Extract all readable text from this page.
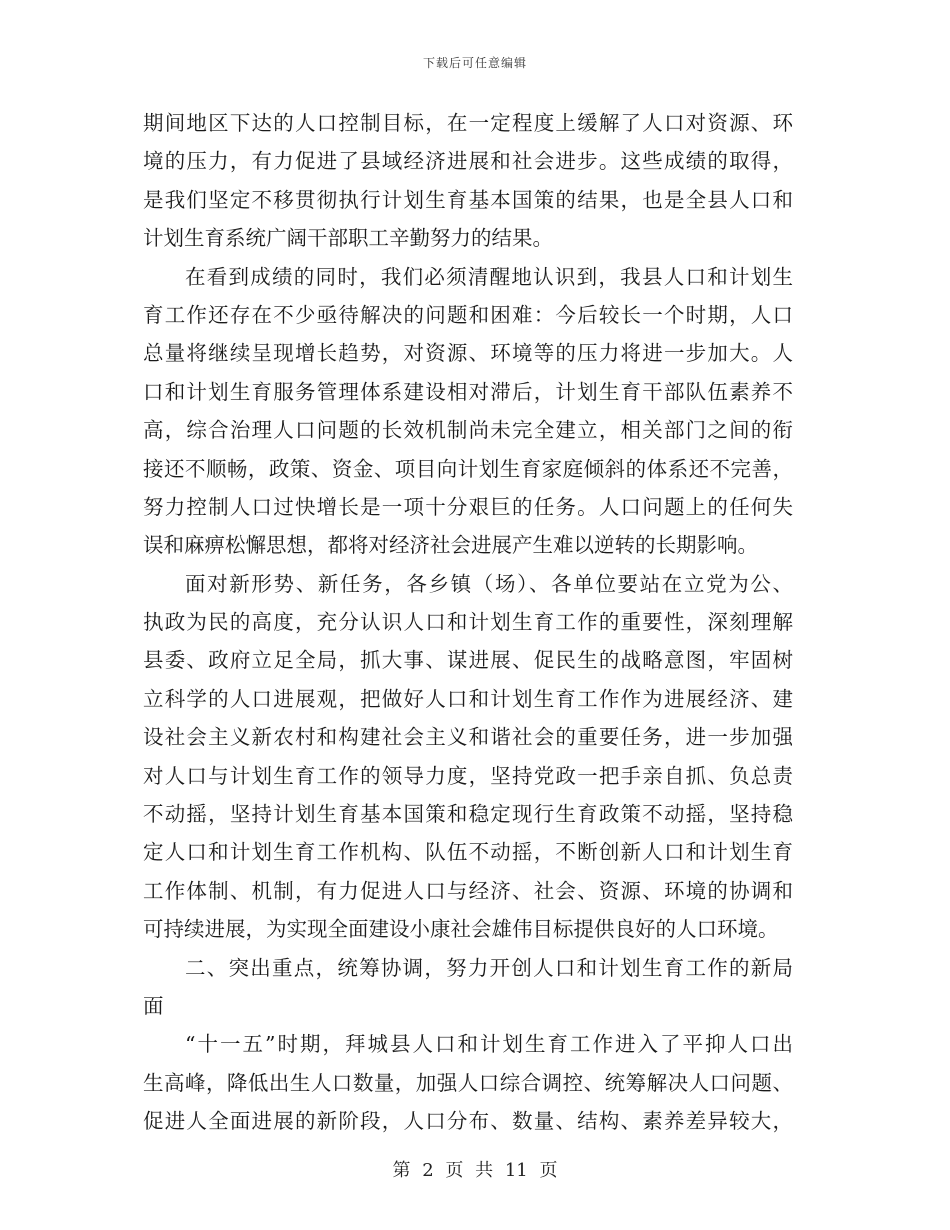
下载后可任意编辑
期间地区下达的人口控制目标，在一定程度上缓解了人口对资源、环
境的压力，有力促进了县域经济进展和社会进步。这些成绩的取得，
是我们坚定不移贯彻执行计划生育基本国策的结果，也是全县人口和
计划生育系统广阔干部职工辛勤努力的结果。
在看到成绩的同时，我们必须清醒地认识到，我县人口和计划生
育工作还存在不少亟待解决的问题和困难：今后较长一个时期，人口
总量将继续呈现增长趋势，对资源、环境等的压力将进一步加大。人
口和计划生育服务管理体系建设相对滞后，计划生育干部队伍素养不
高，综合治理人口问题的长效机制尚未完全建立，相关部门之间的衔
接还不顺畅，政策、资金、项目向计划生育家庭倾斜的体系还不完善，
努力控制人口过快增长是一项十分艰巨的任务。人口问题上的任何失
误和麻痹松懈思想，都将对经济社会进展产生难以逆转的长期影响。
面对新形势、新任务，各乡镇（场）、各单位要站在立党为公、
执政为民的高度，充分认识人口和计划生育工作的重要性，深刻理解
县委、政府立足全局，抓大事、谋进展、促民生的战略意图，牢固树
立科学的人口进展观，把做好人口和计划生育工作作为进展经济、建
设社会主义新农村和构建社会主义和谐社会的重要任务，进一步加强
对人口与计划生育工作的领导力度，坚持党政一把手亲自抓、负总责
不动摇，坚持计划生育基本国策和稳定现行生育政策不动摇，坚持稳
定人口和计划生育工作机构、队伍不动摇，不断创新人口和计划生育
工作体制、机制，有力促进人口与经济、社会、资源、环境的协调和
可持续进展，为实现全面建设小康社会雄伟目标提供良好的人口环境。
二、突出重点，统筹协调，努力开创人口和计划生育工作的新局
面
“十一五”时期，拜城县人口和计划生育工作进入了平抑人口出
生高峰，降低出生人口数量，加强人口综合调控、统筹解决人口问题、
促进人全面进展的新阶段，人口分布、数量、结构、素养差异较大，
第 2 页 共 11 页
